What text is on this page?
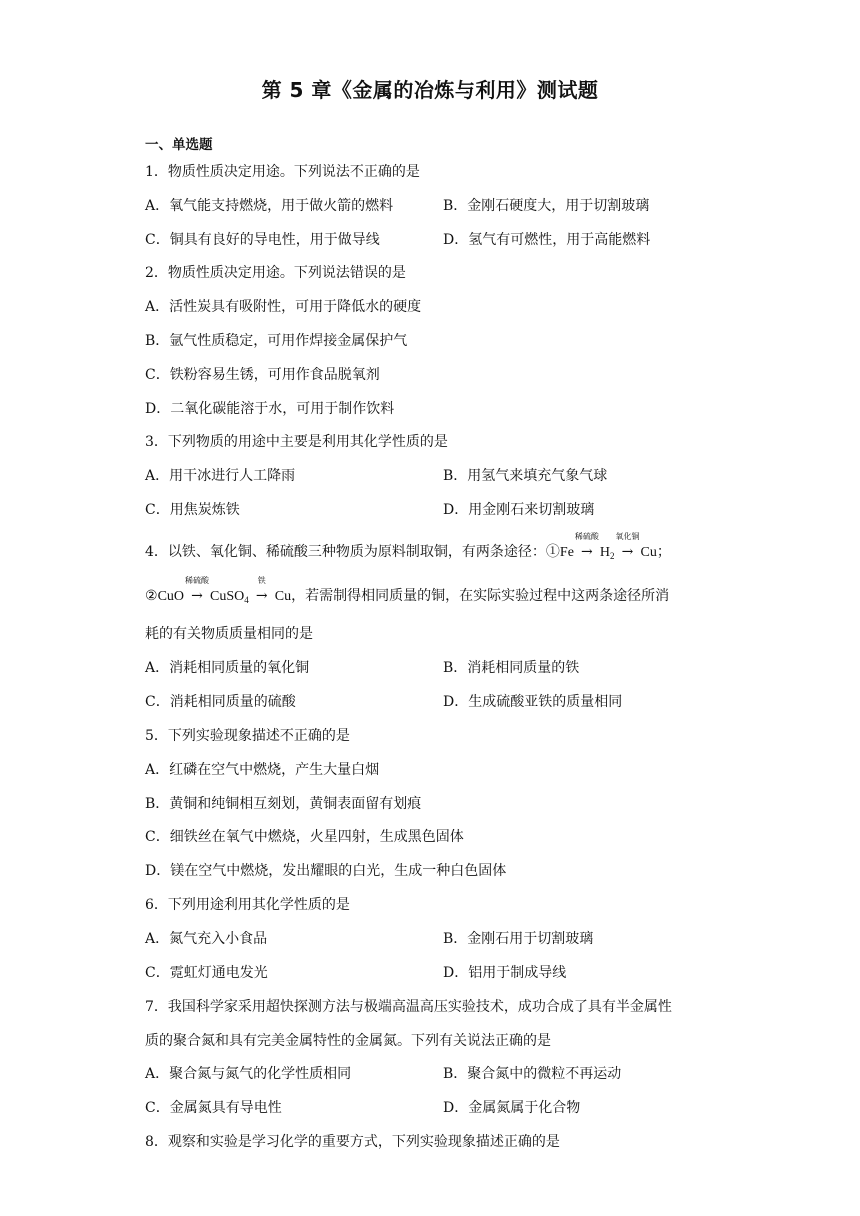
第 5 章《金属的冶炼与利用》测试题
一、单选题
1．物质性质决定用途。下列说法不正确的是
A．氧气能支持燃烧，用于做火箭的燃料	B．金刚石硬度大，用于切割玻璃
C．铜具有良好的导电性，用于做导线	D．氢气有可燃性，用于高能燃料
2．物质性质决定用途。下列说法错误的是
A．活性炭具有吸附性，可用于降低水的硬度
B．氩气性质稳定，可用作焊接金属保护气
C．铁粉容易生锈，可用作食品脱氧剂
D．二氧化碳能溶于水，可用于制作饮料
3．下列物质的用途中主要是利用其化学性质的是
A．用干冰进行人工降雨	B．用氢气来填充气象气球
C．用焦炭炼铁	D．用金刚石来切割玻璃
4．以铁、氧化铜、稀硫酸三种物质为原料制取铜，有两条途径：①Fe
稀硫酸
→ $H_2$
氧化铜
→ Cu；
②CuO
稀硫酸
→ CuSO$_4$
铁
→ Cu，若需制得相同质量的铜，在实际实验过程中这两条途径所消
耗的有关物质质量相同的是
A．消耗相同质量的氧化铜	B．消耗相同质量的铁
C．消耗相同质量的硫酸	D．生成硫酸亚铁的质量相同
5．下列实验现象描述不正确的是
A．红磷在空气中燃烧，产生大量白烟
B．黄铜和纯铜相互刻划，黄铜表面留有划痕
C．细铁丝在氧气中燃烧，火星四射，生成黑色固体
D．镁在空气中燃烧，发出耀眼的白光，生成一种白色固体
6．下列用途利用其化学性质的是
A．氮气充入小食品	B．金刚石用于切割玻璃
C．霓虹灯通电发光	D．铝用于制成导线
7．我国科学家采用超快探测方法与极端高温高压实验技术，成功合成了具有半金属性
质的聚合氮和具有完美金属特性的金属氮。下列有关说法正确的是
A．聚合氮与氮气的化学性质相同	B．聚合氮中的微粒不再运动
C．金属氮具有导电性	D．金属氮属于化合物
8．观察和实验是学习化学的重要方式，下列实验现象描述正确的是
